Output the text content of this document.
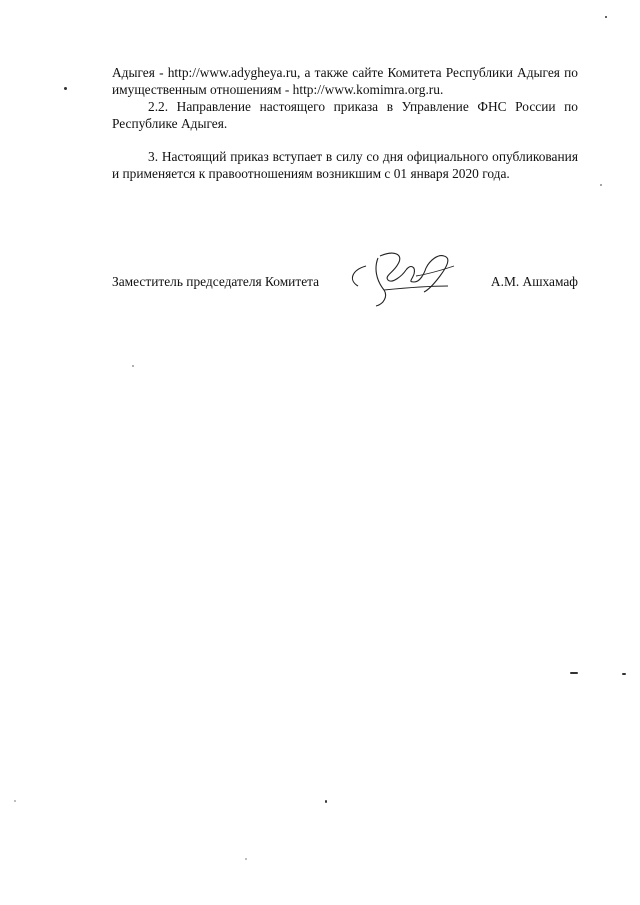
Адыгея - http://www.adygheya.ru, а также сайте Комитета Республики Адыгея по имущественным отношениям - http://www.komimra.org.ru.

2.2. Направление настоящего приказа в Управление ФНС России по Республике Адыгея.

3. Настоящий приказ вступает в силу со дня официального опубликования и применяется к правоотношениям возникшим с 01 января 2020 года.

Заместитель председателя Комитета	А.М. Ашхамаф
